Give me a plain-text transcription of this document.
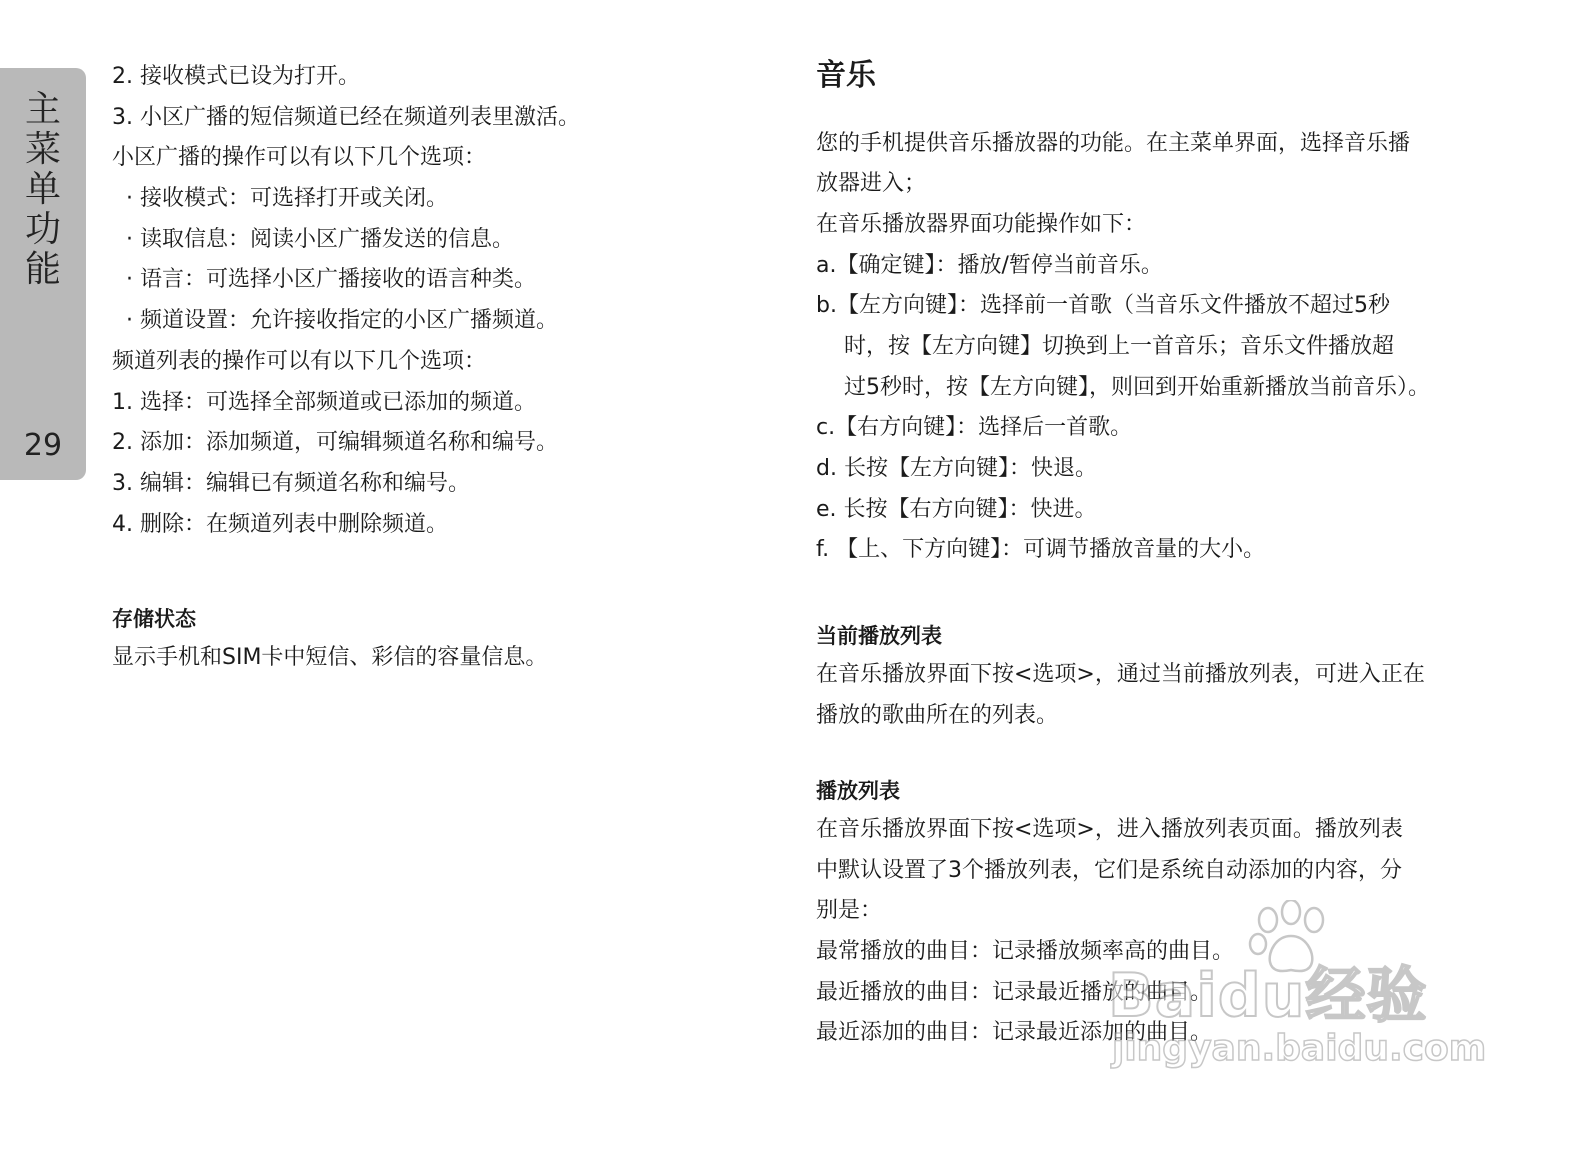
主
菜
单
功
能
29
2. 接收模式已设为打开。
3. 小区广播的短信频道已经在频道列表里激活。
小区广播的操作可以有以下几个选项：
· 接收模式：可选择打开或关闭。
· 读取信息：阅读小区广播发送的信息。
· 语言：可选择小区广播接收的语言种类。
· 频道设置：允许接收指定的小区广播频道。
频道列表的操作可以有以下几个选项：
1. 选择：可选择全部频道或已添加的频道。
2. 添加：添加频道，可编辑频道名称和编号。
3. 编辑：编辑已有频道名称和编号。
4. 删除：在频道列表中删除频道。
存储状态
显示手机和SIM卡中短信、彩信的容量信息。
音乐
您的手机提供音乐播放器的功能。在主菜单界面，选择音乐播
放器进入；
在音乐播放器界面功能操作如下：
a.【确定键】：播放/暂停当前音乐。
b.【左方向键】：选择前一首歌（当音乐文件播放不超过5秒
时，按【左方向键】切换到上一首音乐；音乐文件播放超
过5秒时，按【左方向键】，则回到开始重新播放当前音乐）。
c.【右方向键】：选择后一首歌。
d. 长按【左方向键】：快退。
e. 长按【右方向键】：快进。
f. 【上、下方向键】：可调节播放音量的大小。
当前播放列表
在音乐播放界面下按<选项>，通过当前播放列表，可进入正在
播放的歌曲所在的列表。
播放列表
在音乐播放界面下按<选项>，进入播放列表页面。播放列表
中默认设置了3个播放列表，它们是系统自动添加的内容，分
别是：
最常播放的曲目：记录播放频率高的曲目。
最近播放的曲目：记录最近播放的曲目。
最近添加的曲目：记录最近添加的曲目。
Baidu经验
jingyan.baidu.com
